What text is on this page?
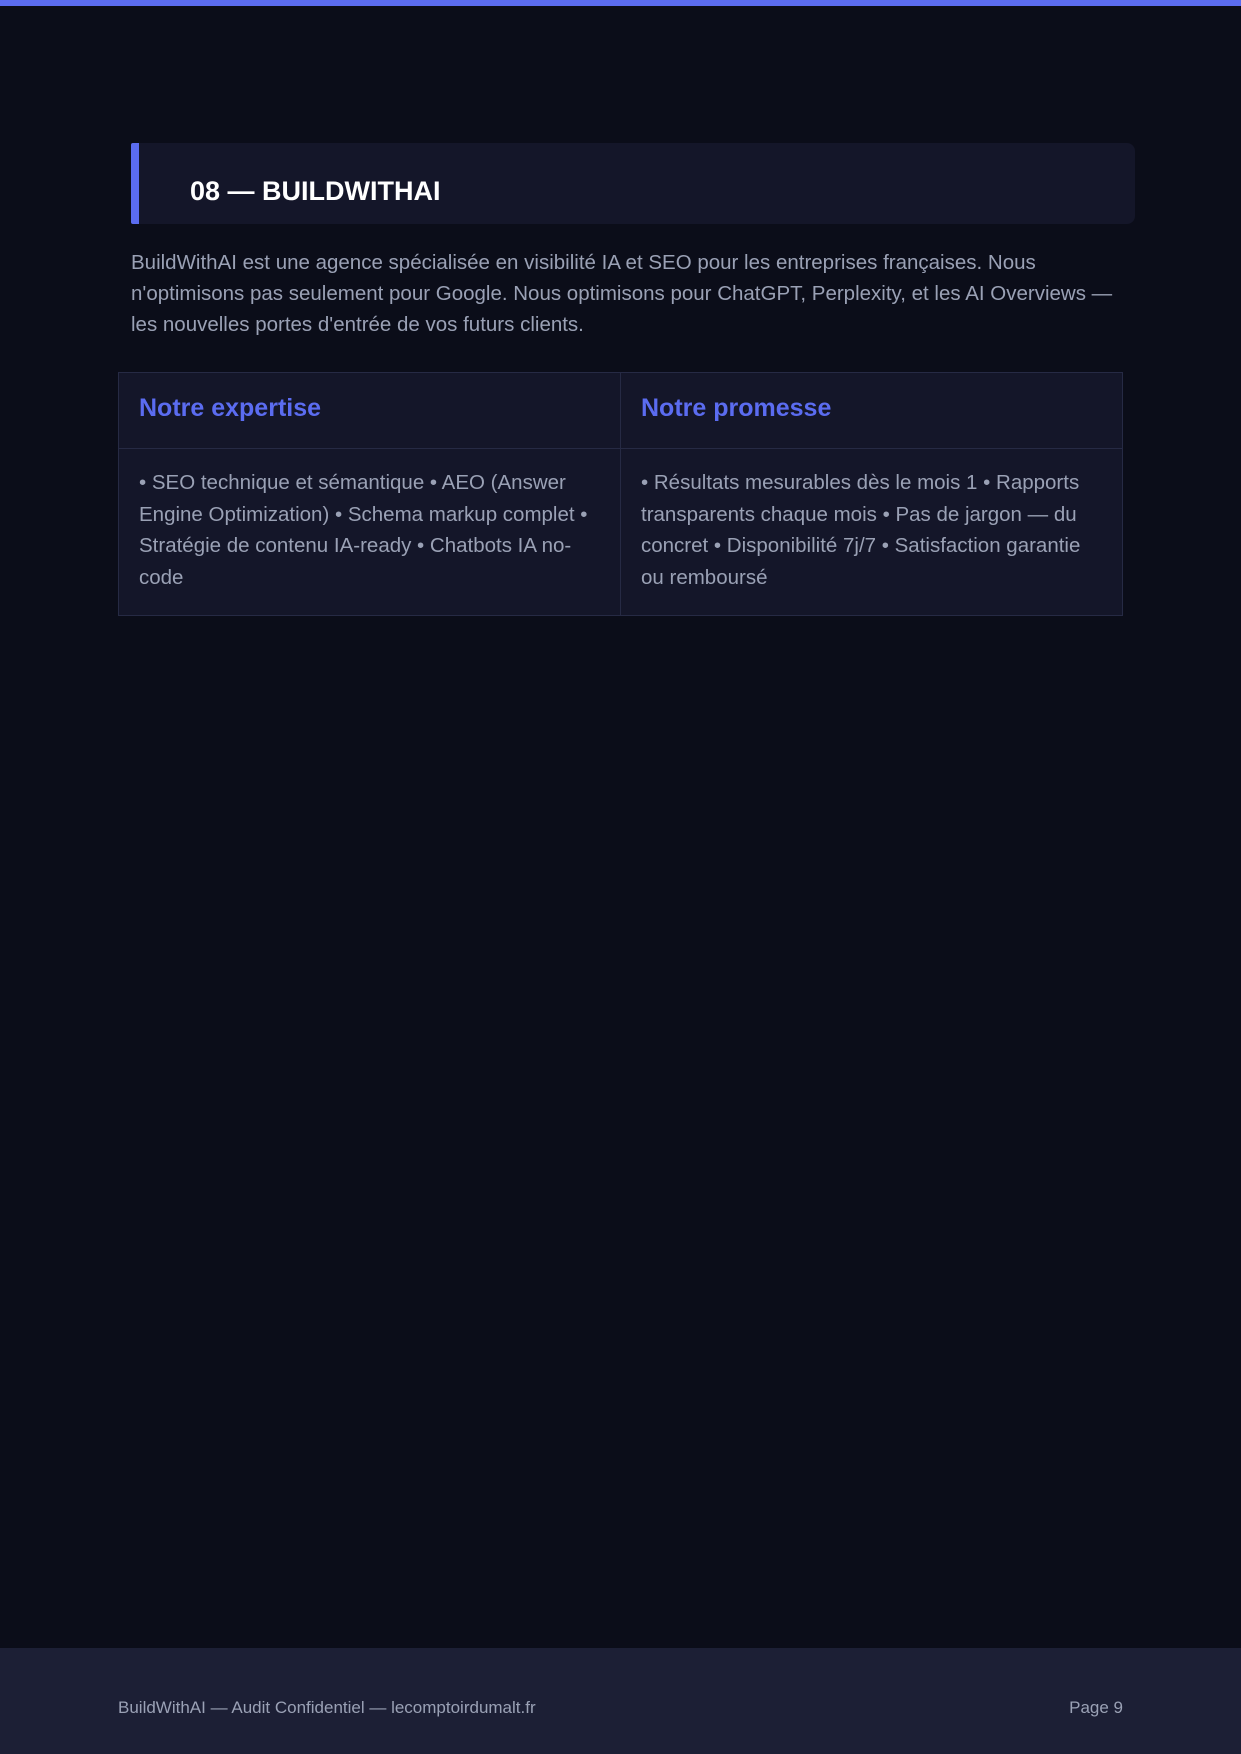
08 — BUILDWITHAI

BuildWithAI est une agence spécialisée en visibilité IA et SEO pour les entreprises françaises. Nous n'optimisons pas seulement pour Google. Nous optimisons pour ChatGPT, Perplexity, et les AI Overviews — les nouvelles portes d'entrée de vos futurs clients.

Notre expertise	Notre promesse
• SEO technique et sémantique • AEO (Answer Engine Optimization) • Schema markup complet • Stratégie de contenu IA-ready • Chatbots IA no-code	• Résultats mesurables dès le mois 1 • Rapports transparents chaque mois • Pas de jargon — du concret • Disponibilité 7j/7 • Satisfaction garantie ou remboursé
BuildWithAI — Audit Confidentiel — lecomptoirdumalt.fr	Page 9
